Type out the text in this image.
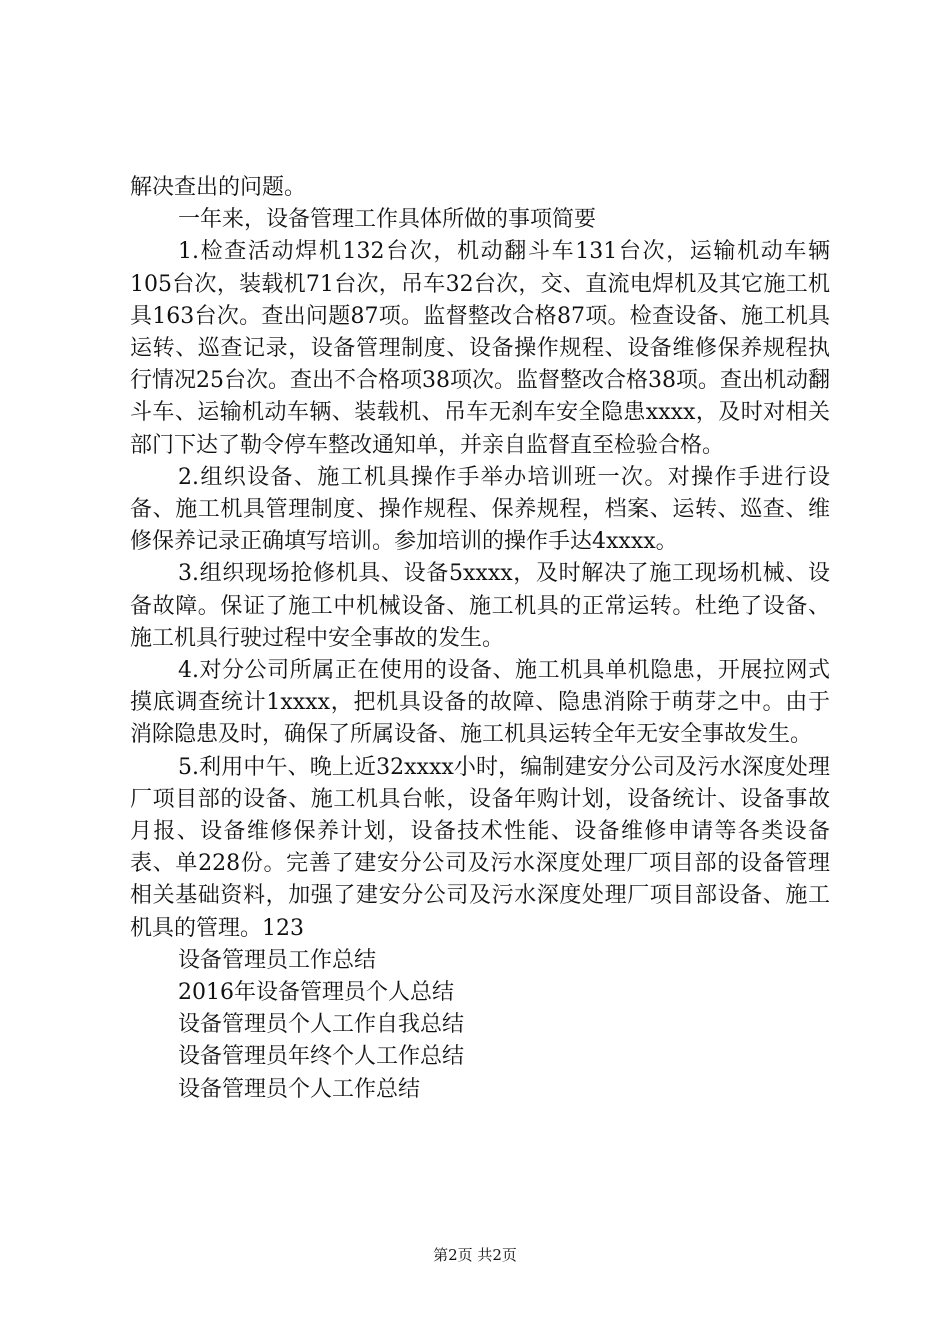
解决查出的问题。

一年来，设备管理工作具体所做的事项简要

1.检查活动焊机132台次，机动翻斗车131台次，运输机动车辆105台次，装载机71台次，吊车32台次，交、直流电焊机及其它施工机具163台次。查出问题87项。监督整改合格87项。检查设备、施工机具运转、巡查记录，设备管理制度、设备操作规程、设备维修保养规程执行情况25台次。查出不合格项38项次。监督整改合格38项。查出机动翻斗车、运输机动车辆、装载机、吊车无刹车安全隐患xxxx，及时对相关部门下达了勒令停车整改通知单，并亲自监督直至检验合格。

2.组织设备、施工机具操作手举办培训班一次。对操作手进行设备、施工机具管理制度、操作规程、保养规程，档案、运转、巡查、维修保养记录正确填写培训。参加培训的操作手达4xxxx。

3.组织现场抢修机具、设备5xxxx，及时解决了施工现场机械、设备故障。保证了施工中机械设备、施工机具的正常运转。杜绝了设备、施工机具行驶过程中安全事故的发生。

4.对分公司所属正在使用的设备、施工机具单机隐患，开展拉网式摸底调查统计1xxxx，把机具设备的故障、隐患消除于萌芽之中。由于消除隐患及时，确保了所属设备、施工机具运转全年无安全事故发生。

5.利用中午、晚上近32xxxx小时，编制建安分公司及污水深度处理厂项目部的设备、施工机具台帐，设备年购计划，设备统计、设备事故月报、设备维修保养计划，设备技术性能、设备维修申请等各类设备表、单228份。完善了建安分公司及污水深度处理厂项目部的设备管理相关基础资料，加强了建安分公司及污水深度处理厂项目部设备、施工机具的管理。123

设备管理员工作总结
2016年设备管理员个人总结
设备管理员个人工作自我总结
设备管理员年终个人工作总结
设备管理员个人工作总结
第2页 共2页
